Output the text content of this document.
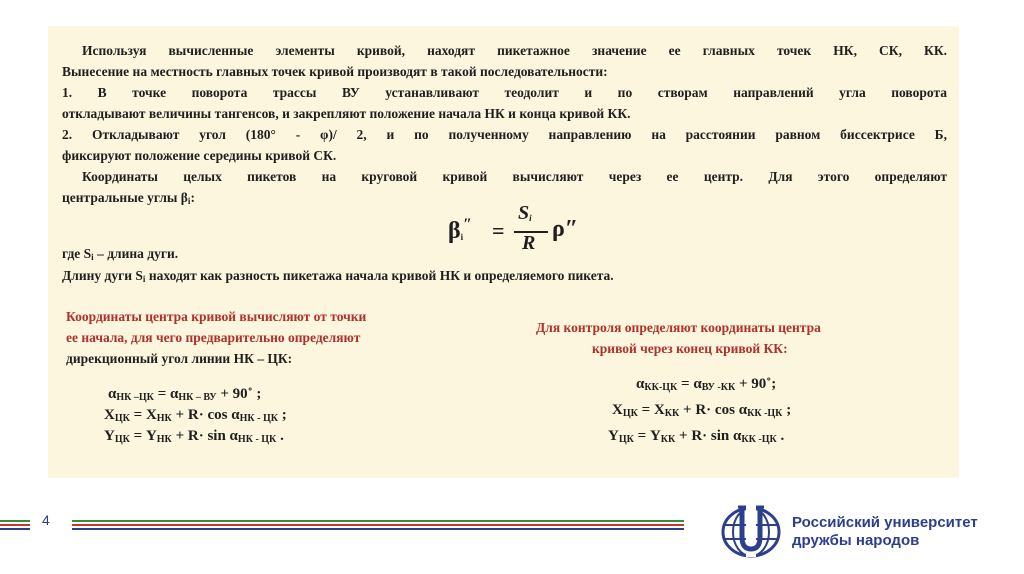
Используя вычисленные элементы кривой, находят пикетажное значение ее главных точек НК, СК, КК.
Вынесение на местность главных точек кривой производят в такой последовательности:
1. В точке поворота трассы ВУ устанавливают теодолит и по створам направлений угла поворота
откладывают величины тангенсов, и закрепляют положение начала НК и конца кривой КК.
2. Откладывают угол (180° - φ)/ 2, и по полученному направлению на расстоянии равном биссектрисе Б,
фиксируют положение середины кривой СК.
Координаты целых пикетов на круговой кривой вычисляют через ее центр. Для этого определяют
центральные углы $\beta_i$:
$\beta_i''$ =
$S_i$
R
ρ″
где $S_i$ – длина дуги.
Длину дуги $S_i$ находят как разность пикетажа начала кривой НК и определяемого пикета.
Координаты центра кривой вычисляют от точки
ее начала, для чего предварительно определяют
дирекционный угол линии НК – ЦК:
$\alpha_{НК -ЦК} = \alpha_{НК - ВУ}$ + 90˚ ;
$X_{ЦК} = X_{НК} + R\cdot \cos \alpha_{НК - ЦК}$ ;
$Y_{ЦК} = Y_{НК} + R\cdot \sin \alpha_{НК - ЦК}$ .
Для контроля определяют координаты центра
кривой через конец кривой КК:
$\alpha_{КК-ЦК} = \alpha_{ВУ -КК}$ + 90˚;
$X_{ЦК} = X_{КК} + R\cdot \cos \alpha_{КК -ЦК}$ ;
$Y_{ЦК} = Y_{КК} + R\cdot \sin \alpha_{КК -ЦК}$ .
4	Российский университет
дружбы народов
